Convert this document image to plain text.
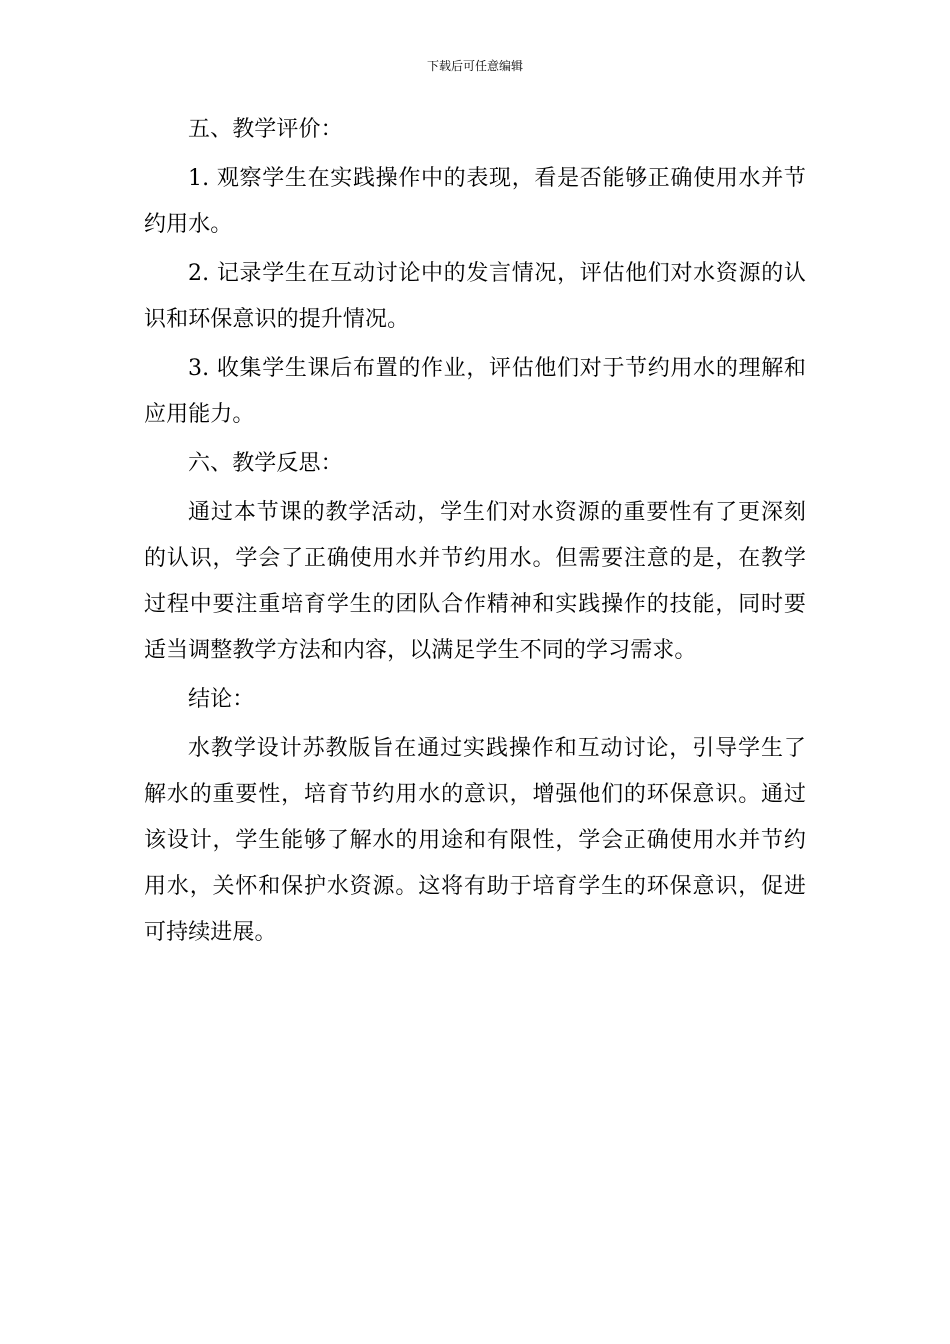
下载后可任意编辑

五、教学评价：

1. 观察学生在实践操作中的表现，看是否能够正确使用水并节约用水。

2. 记录学生在互动讨论中的发言情况，评估他们对水资源的认识和环保意识的提升情况。

3. 收集学生课后布置的作业，评估他们对于节约用水的理解和应用能力。

六、教学反思：

通过本节课的教学活动，学生们对水资源的重要性有了更深刻的认识，学会了正确使用水并节约用水。但需要注意的是，在教学过程中要注重培育学生的团队合作精神和实践操作的技能，同时要适当调整教学方法和内容，以满足学生不同的学习需求。

结论：

水教学设计苏教版旨在通过实践操作和互动讨论，引导学生了解水的重要性，培育节约用水的意识，增强他们的环保意识。通过该设计，学生能够了解水的用途和有限性，学会正确使用水并节约用水，关怀和保护水资源。这将有助于培育学生的环保意识，促进可持续进展。
